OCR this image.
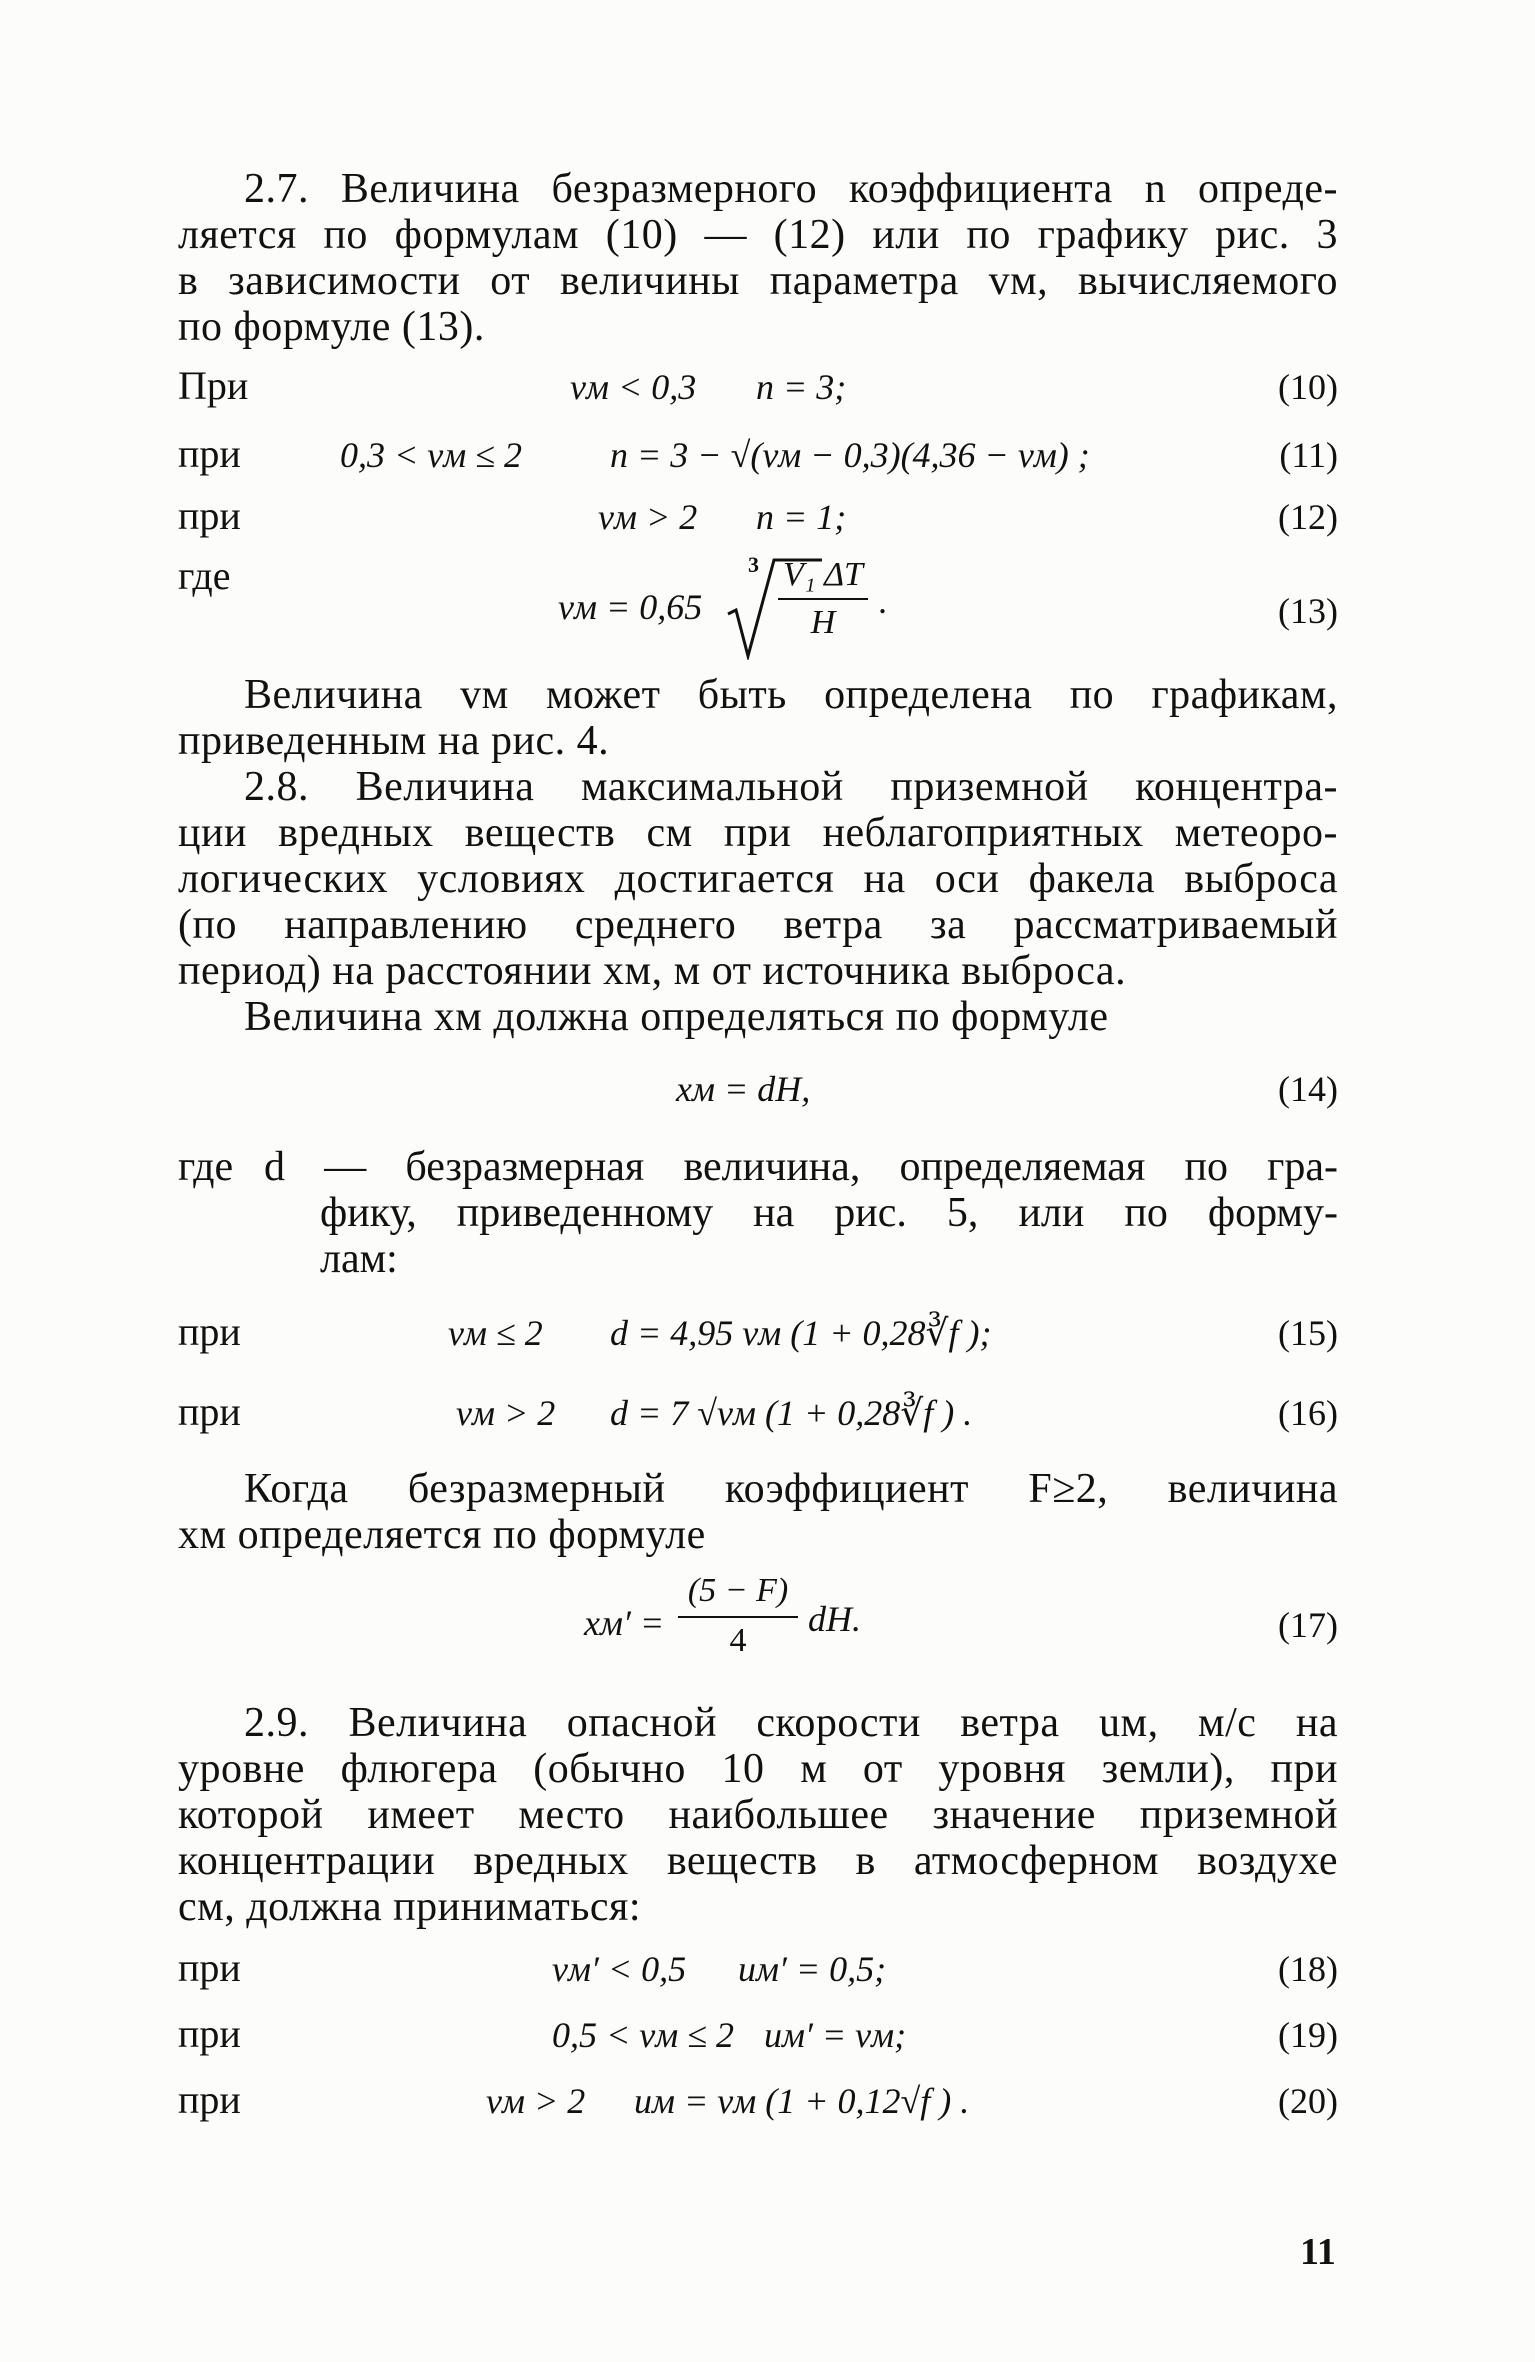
2.7. Величина безразмерного коэффициента n опреде-
ляется по формулам (10) — (12) или по графику рис. 3
в зависимости от величины параметра vм, вычисляемого
по формуле (13).
При	vм < 0,3 n = 3;	(10)
при	0,3 < vм ≤ 2 n = 3 − √(vм − 0,3)(4,36 − vм) ;	(11)
при	vм > 2 n = 1;	(12)
где
vм = 0,65
3 V₁ ΔT
H
.	(13)
Величина vм может быть определена по графикам,
приведенным на рис. 4.
2.8. Величина максимальной приземной концентра-
ции вредных веществ cм при неблагоприятных метеоро-
логических условиях достигается на оси факела выброса
(по направлению среднего ветра за рассматриваемый
период) на расстоянии xм, м от источника выброса.
Величина xм должна определяться по формуле
xм = dH,	(14)
где d — безразмерная величина, определяемая по гра-
фику, приведенному на рис. 5, или по форму-
лам:
при	vм ≤ 2 d = 4,95 vм (1 + 0,28∛f );	(15)
при	vм > 2 d = 7 √vм (1 + 0,28∛f ) .	(16)
Когда безразмерный коэффициент F≥2, величина
xм определяется по формуле
xм′ =
(5 − F)
4
dH.	(17)
2.9. Величина опасной скорости ветра uм, м/с на
уровне флюгера (обычно 10 м от уровня земли), при
которой имеет место наибольшее значение приземной
концентрации вредных веществ в атмосферном воздухе
cм, должна приниматься:
при	vм′ < 0,5 uм′ = 0,5;	(18)
при	0,5 < vм ≤ 2 uм′ = vм;	(19)
при	vм > 2 uм = vм (1 + 0,12√f ) .	(20)
11
